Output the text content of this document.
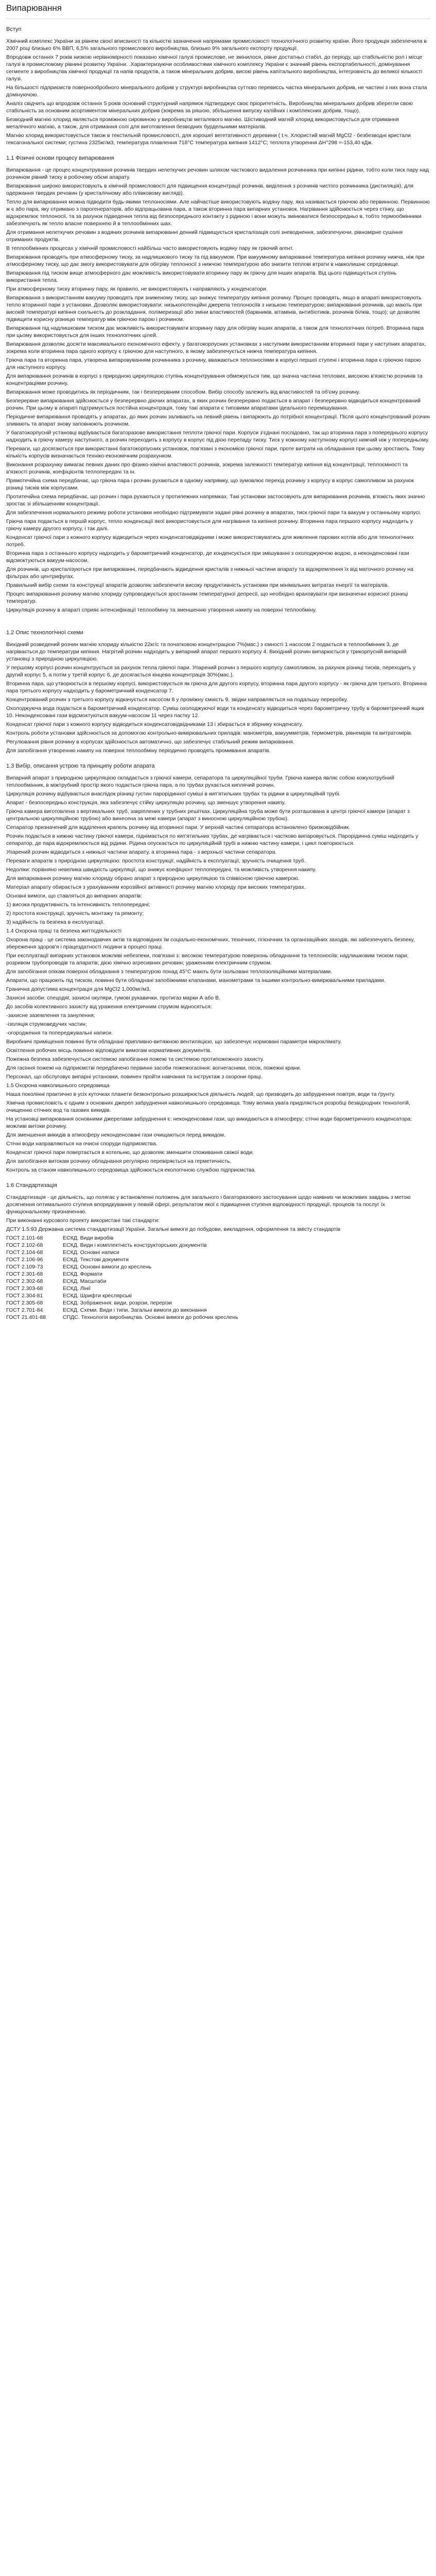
Випарювання
Вступ
Хімічний комплекс України за рівнем своєї вписаності та кількісткі зазначення напрямами промисловості технологічного розвитку країни. Його продукція забезпечила в 2007 році близько 6% ВВП, 6,5% загального промислового виробництва, близько 9% загального експорту продукції.
Впродовж останніх 7 років низкою нерівномірності показано хімічної галузі промислове, не змінилося, рівне достатньо стабіл, до періоду, що стабільністю рол і місце галузі в промисловому рівнині розвитку України. .Характеризуючи особливостями хімічного комплексу України є значний рівень експортабельності, домінування сегменте з виробництва хімічної продукції та напів продуктів, а також мінеральних добрив, високі рівень капітального виробництва, інтегровність до великої кількості галузі.
На більшості підприємств повернообробного мінерального добрив у структурі виробництва суттєво перевиссь частка мінеральних добрив, не частині з них вона стала домінуючою.
Аналіз свідчить що впродовж останніх 5 років основний структурний напрямок підтверджує своє пріоритетність. Виробництва мінеральних добрив зберегли свою стабільність за основним асортиментом мінеральних добрив (зокрема за ряшою, збільшення випуску калійних і комплексних добрив, тощо).
Безводний магнію хлорид являється проміжною сировиною у виробництві металевого магнію. Шістиводний магній хлорид використовується для отримання металічного магнію, а також, для отримання солі для виготовлення безводних бурдельними матеріалів.
Магнію хлорид використовується також в текстильній промисловості, для хорошеї вегетативності деревини ( t.ч. Хлористий магній MgCl2 - безбезводні кристали гексагональної системи; густина 2325кг/м3, температура плавлення 718°С температура кипіння 1412°С; теплота утворення ΔН°298 =-153,40 кДж.
1.1 Фізичні основи процесу випарювання
Випарювання - це процес концентрування розчинів твердих нелеткучих речовин шляхом часткового видалення розчинника при кипінні рідини, тобто коли тиск пару над розчином рівний тиску в робочому обємі апарату.
Випарювання широко використовують в хімічній промисловості для підвищення концентрації розчинів, виділення з розчинів чистого розчинника (дистиляція), для одержання твердих речовин (у кристалічному або плівковому вигляді).
Тепло для випарювання можна підводити будь-якими теплоносіями. Але найчастіше використовують водяну пару, яка називається гріючою або первинною. Первинною ж є або пара, яку отримано з парогенераторів, або відпрацьована пара, а також вторинна пара випарних установок. Нагрівання здійснюється через стінку, що відокремлює теплоносії, та за рахунок підведення тепла від безпосереднього контакту з рідиною і вони можуть змінюватися безпосередньо в, тобто термообмінники забезпечують як тепло власне поверхнею й в теплообмінних шах.
Для отримання нелеткучих речовин з водяних розчинів випарюванні денний підвищується кристалізація солі зневоднення, забезпечуючи, рівномірне сушіння отриманих продуктів.
В теплообмінних процесах у хімічній промисловості найбільш часто використовують водяну пару як гріючий агент.
Випарювання проводять при атмосферному тиску, за надлишкового тиску та під вакуумом. При вакуумному випарюванні температура кипіння розчину нижча, ніж при атмосферному тиску, що дає змогу використовувати для обігріву теплоносії з нижчою температурою або знизити теплові втрати в навколишнє середовище.
Випарювання під тиском вище атмосферного дає можливість використовувати вторинну пару як гріючу для інших апаратів. Від цього підвищується ступінь використання тепла.
При атмосферному тиску вторинну пару, як правило, не використовують і направляють у конденсатори.
Випарювання з використанням вакууму проводять при зниженому тиску, що знижує температуру кипіння розчину. Процес проводять, якщо в апараті використовують тепло вторинної пари з установки. Дозволяє використовувати: низькопотенційні джерела теплоносіїв з низькою температурою; випарювання розчинів, що мають при високій температурі кипіння схильність до розкладання, полімеризації або зміни властивостей (барвників, вітамінів, антибіотиків, розчинів білків, тощо); це дозволяє підвищити корисну різницю температур між гріючою парою і розчином.
Випарювання під надлишковим тиском дає можливість використовувати вторинну пару для обігріву інших апаратів, а також для технологічних потреб. Вторинна пара при цьому використовується для інших технологічних цілей.
Випарювання дозволяє досягти максимального економічного ефекту, у багатокорпусних установках з наступним використанням вторинної пари у наступних апаратах, зокрема коли вторинна пара одного корпусу є гріючою для наступного, в якому забезпечується нижча температура кипіння.
Гріюча пара та вторинна пара, утворена випаровуванням розчинника з розчину, вважаються теплоносіями в корпусі першої ступені і вторинна пара є гріючою парою для наступного корпусу.
Для випарювання розчинів в корпусі з природною циркуляцією ступінь концентрування обмежується тим, що значна частина теплових, високою в'язкістю розчинів та концентраціями розчину.
Випарювання може проводитись як періодичним, так і безперервним способом. Вибір способу залежить від властивостей та об'єму розчину.
Безперервне випарювання здійснюється у безперервно діючих апаратах, в яких розчин безперервно подається в апарат і безперервно відводиться концентрований розчин. При цьому в апараті підтримується постійна концентрація, тому такі апарати є типовими апаратами ідеального перемішування.
Періодичне випарювання проводять у апаратах, до яких розчин заливають на певний рівень і випарюють до потрібної концентрації. Після цього концентрований розчин зливають та апарат знову заповнюють розчином.
У багатокорпусній установці відбувається багаторазове використання теплоти гріючої пари. Корпуси з'єднані послідовно, так що вторинна пара з попереднього корпусу надходить в гріючу камеру наступного, а розчин переходить з корпусу в корпус під дією перепаду тиску. Тиск у кожному наступному корпусі нижчий ніж у попередньому.
Переваги, що досягаються при використанні багатокорпусних установок, пов'язані з економією гріючої пари, проте витрати на обладнання при цьому зростають. Тому кількість корпусів визначається техніко-економічним розрахунком.
Виконання розрахунку вимагає певних даних про фізико-хімічні властивості розчинів, зокрема залежності температур кипіння від концентрації, теплоємності та в'язкості розчинів, коефіцієнтів теплопередачі та ін.
Прямотечійна схема передбачає, що гріюча пара і розчин рухаються в одному напрямку, що зумовлює перехід розчину з корпусу в корпус самопливом за рахунок різниці тисків між корпусами.
Протитечійна схема передбачає, що розчин і пара рухаються у протилежних напрямках. Такі установки застосовують для випарювання розчинів, в'язкість яких значно зростає зі збільшенням концентрації.
Для забезпечення нормального режиму роботи установки необхідно підтримувати задані рівні розчину в апаратах, тиск гріючої пари та вакуум у останньому корпусі.
Гріюча пара подається в першій корпус, тепло конденсації якої використовується для нагрівання та кипіння розчину. Вторинна пара першого корпусу надходить у гріючу камеру другого корпусу, і так далі.
Конденсат гріючої пари з кожного корпусу відводиться через конденсатовідвідники і може використовуватись для живлення парових котлів або для технологічних потреб.
Вторинна пара з останнього корпусу надходить у барометричний конденсатор, де конденсується при змішуванні з охолоджуючою водою, а неконденсовані гази відсмоктуються вакуум-насосом.
Для розчинів, що кристалізуються при випарюванні, передбачають відведення кристалів з нижньої частини апарату та відокремлення їх від маточного розчину на фільтрах або центрифугах.
Правильний вибір схеми та конструкції апаратів дозволяє забезпечити високу продуктивність установки при мінімальних витратах енергії та матеріалів.
Процес випарювання розчину магнію хлориду супроводжується зростанням температурної депресії, що необхідно враховувати при визначенні корисної різниці температур.
Циркуляція розчину в апараті сприяє інтенсифікації теплообміну та зменшенню утворення накипу на поверхні теплообміну.
1.2 Опис технологічної схеми
Вихідний розведений розчин магнію хлориду кількістю 22кг/с та початковою концентрацією 7%(мас.) з ємності 1 насосом 2 подається в теплообмінник 3, де нагрівається до температури кипіння. Нагрітий розчин надходить у випарний апарат першого корпусу 4. Вихідний розчин випарюється у трикорпусній випарній установці з природною циркуляцією.
У першому корпусі розчин концентрується за рахунок тепла гріючої пари. Упарений розчин з першого корпусу самопливом, за рахунок різниці тисків, переходить у другий корпус 5, а потім у третій корпус 6, де досягається кінцева концентрація 30%(мас.).
Вторинна пара, що утворюється в першому корпусі, використовується як гріюча для другого корпусу, вторинна пара другого корпусу - як гріюча для третього. Вторинна пара третього корпусу надходить у барометричний конденсатор 7.
Концентрований розчин з третього корпусу відкачується насосом 8 у проміжну ємність 9, звідки направляється на подальшу переробку.
Охолоджуюча вода подається в барометричний конденсатор. Суміш охолоджуючої води та конденсату відводиться через барометричну трубу в барометричний ящик 10. Неконденсовані гази відсмоктуються вакуум-насосом 11 через пастку 12.
Конденсат гріючої пари з кожного корпусу відводиться конденсатовідвідниками 13 і збирається в збірнику конденсату.
Контроль роботи установки здійснюється за допомогою контрольно-вимірювальних приладів: манометрів, вакуумметрів, термометрів, рівнемірів та витратомірів.
Регулювання рівня розчину в корпусах здійснюється автоматично, що забезпечує стабільний режим випарювання.
Для запобігання утворенню накипу на поверхні теплообміну періодично проводять промивання апаратів.
1.3 Вибір, описання устрою та принципу роботи апарата
Випарний апарат з природною циркуляцією складається з гріючої камери, сепаратора та циркуляційної труби. Гріюча камера являє собою кожухотрубний теплообмінник, в міжтрубний простір якого подається гріюча пара, а по трубах рухається киплячий розчин.
Циркуляція розчину відбувається внаслідок різниці густин парорідинної суміші в кип'ятильних трубах та рідини в циркуляційній трубі.
Апарат - безпосередньо конструкція, яка забезпечує стійку циркуляцію розчину, що зменшує утворення накипу.
Гріюча камера виготовлена з вертикальних труб, закріплених у трубних решітках. Циркуляційна труба може бути розташована в центрі гріючої камери (апарат з центральною циркуляційною трубою) або винесена за межі камери (апарат з виносною циркуляційною трубою).
Сепаратор призначений для відділення крапель розчину від вторинної пари. У верхній частині сепаратора встановлено бризковідбійник.
Розчин подається в нижню частину гріючої камери, піднімається по кип'ятильних трубах, де нагрівається і частково випаровується. Парорідинна суміш надходить у сепаратор, де пара відокремлюється від рідини. Рідина опускається по циркуляційній трубі в нижню частину камери, і цикл повторюється.
Упарений розчин відводиться з нижньої частини апарату, а вторинна пара - з верхньої частини сепаратора.
Переваги апаратів з природною циркуляцією: простота конструкції, надійність в експлуатації, зручність очищення труб.
Недоліки: порівняно невелика швидкість циркуляції, що знижує коефіцієнт теплопередачі, та можливість утворення накипу.
Для випарювання розчину магнію хлориду обрано апарат з природною циркуляцією та співвісною гріючою камерою.
Матеріал апарату обирається з урахуванням корозійної активності розчину магнію хлориду при високих температурах.
Основні вимоги, що ставляться до випарних апаратів:
1) висока продуктивність та інтенсивність теплопередачі;
2) простота конструкції, зручність монтажу та ремонту;
3) надійність та безпека в експлуатації.
1.4 Охорона праці та безпека життєдіяльності
Охорона праці - це система законодавчих актів та відповідних їм соціально-економічних, технічних, гігієнічних та організаційних заходів, які забезпечують безпеку, збереження здоров'я і працездатності людини в процесі праці.
При експлуатації випарних установок можливі небезпеки, пов'язані з: високою температурою поверхонь обладнання та теплоносіїв; надлишковим тиском пари; розривом трубопроводів та апаратів; дією хімічно агресивних речовин; ураженням електричним струмом.
Для запобігання опікам поверхні обладнання з температурою понад 45°С мають бути ізольовані теплоізоляційними матеріалами.
Апарати, що працюють під тиском, повинні бути обладнані запобіжними клапанами, манометрами та іншими контрольно-вимірювальними приладами.
Гранична допустима концентрація для MgCl2 1,000мг/м3.
Захисні засоби: спецодяг, захисні окуляри, гумові рукавички, протигаз марки А або В.
До засобів колективного захисту від ураження електричним струмом відносяться:
-захисне заземлення та занулення;
-ізоляція струмоведучих частин;
-огородження та попереджувальні написи.
Виробничі приміщення повинні бути обладнані припливно-витяжною вентиляцією, що забезпечує нормовані параметри мікроклімату.
Освітлення робочих місць повинно відповідати вимогам нормативних документів.
Пожежна безпека забезпечується системою запобігання пожежі та системою протипожежного захисту.
Для гасіння пожежі на підприємстві передбачено первинні засоби пожежогасіння: вогнегасники, пісок, пожежні крани.
Персонал, що обслуговує випарні установки, повинен пройти навчання та інструктаж з охорони праці.
1.5 Охорона навколишнього середовища
Наша поколінні практично в усіх куточках планети безконтрольно розширюється діяльність людей, що призводить до забруднення повітря, води та ґрунту.
Хімічна промисловість є одним з основних джерел забруднення навколишнього середовища. Тому велика увага приділяється розробці безвідходних технологій, очищенню стічних вод та газових викидів.
На установці випарювання основними джерелами забруднення є: неконденсовані гази, що викидаються в атмосферу; стічні води барометричного конденсатора; можливі витоки розчину.
Для зменшення викидів в атмосферу неконденсовані гази очищаються перед викидом.
Стічні води направляються на очисні споруди підприємства.
Конденсат гріючої пари повертається в котельню, що дозволяє зменшити споживання свіжої води.
Для запобігання витокам розчину обладнання регулярно перевіряється на герметичність.
Контроль за станом навколишнього середовища здійснюється екологічною службою підприємства.
1.6 Стандартизація
Стандартизація - це діяльність, що полягає у встановленні положень для загального і багаторазового застосування щодо наявних чи можливих завдань з метою досягнення оптимального ступеня впорядкування у певній сфері, результатом якої є підвищення ступеня відповідності продукції, процесів та послуг їх функціональному призначенню.
При виконанні курсового проекту використані такі стандарти:
ДСТУ 1.5:93 Державна система стандартизації України. Загальні вимоги до побудови, викладення, оформлення та змісту стандартів
ГОСТ 2.101-68	ЕСКД. Види виробів
ГОСТ 2.102-68	ЕСКД. Види і комплектність конструкторських документів
ГОСТ 2.104-68	ЕСКД. Основні написи
ГОСТ 2.106-96	ЕСКД. Текстові документи
ГОСТ 2.109-73	ЕСКД. Основні вимоги до креслень
ГОСТ 2.301-68	ЕСКД. Формати
ГОСТ 2.302-68	ЕСКД. Масштаби
ГОСТ 2.303-68	ЕСКД. Лінії
ГОСТ 2.304-81	ЕСКД. Шрифти креслярські
ГОСТ 2.305-68	ЕСКД. Зображення: види, розрізи, перерізи
ГОСТ 2.701-84	ЕСКД. Схеми. Види і типи. Загальні вимоги до виконання
ГОСТ 21.401-88	СПДС. Технологія виробництва. Основні вимоги до робочих креслень
